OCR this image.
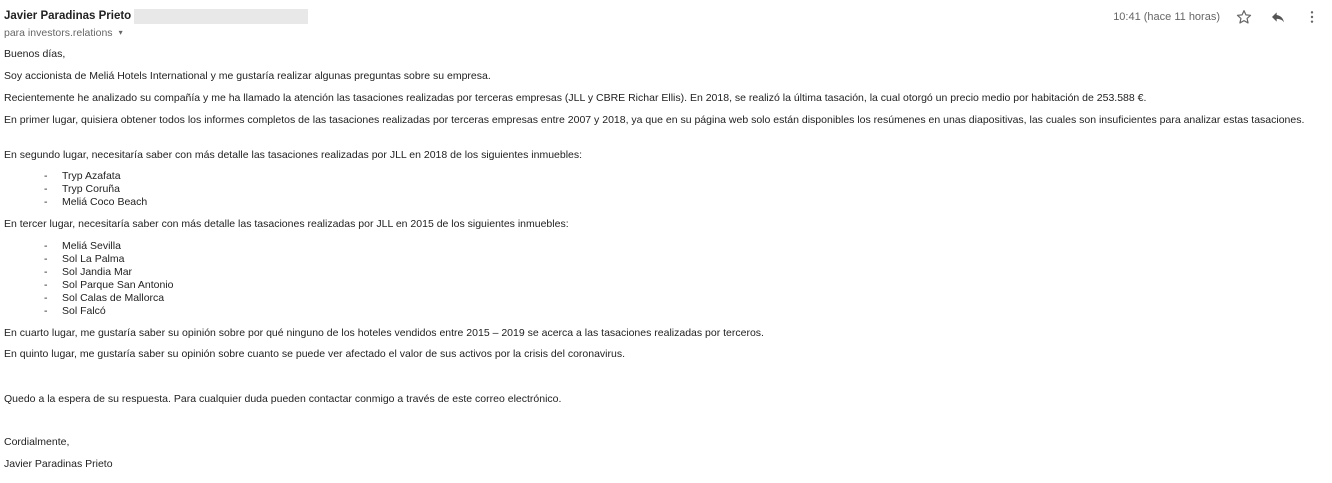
Javier Paradinas Prieto
para investors.relations ▾
10:41 (hace 11 horas)

Buenos días,

Soy accionista de Meliá Hotels International y me gustaría realizar algunas preguntas sobre su empresa.

Recientemente he analizado su compañía y me ha llamado la atención las tasaciones realizadas por terceras empresas (JLL y CBRE Richar Ellis). En 2018, se realizó la última tasación, la cual otorgó un precio medio por habitación de 253.588 €.

En primer lugar, quisiera obtener todos los informes completos de las tasaciones realizadas por terceras empresas entre 2007 y 2018, ya que en su página web solo están disponibles los resúmenes en unas diapositivas, las cuales son insuficientes para analizar estas tasaciones.

En segundo lugar, necesitaría saber con más detalle las tasaciones realizadas por JLL en 2018 de los siguientes inmuebles:

- Tryp Azafata
- Tryp Coruña
- Meliá Coco Beach

En tercer lugar, necesitaría saber con más detalle las tasaciones realizadas por JLL en 2015 de los siguientes inmuebles:

- Meliá Sevilla
- Sol La Palma
- Sol Jandia Mar
- Sol Parque San Antonio
- Sol Calas de Mallorca
- Sol Falcó

En cuarto lugar, me gustaría saber su opinión sobre por qué ninguno de los hoteles vendidos entre 2015 – 2019 se acerca a las tasaciones realizadas por terceros.

En quinto lugar, me gustaría saber su opinión sobre cuanto se puede ver afectado el valor de sus activos por la crisis del coronavirus.

Quedo a la espera de su respuesta. Para cualquier duda pueden contactar conmigo a través de este correo electrónico.

Cordialmente,

Javier Paradinas Prieto
